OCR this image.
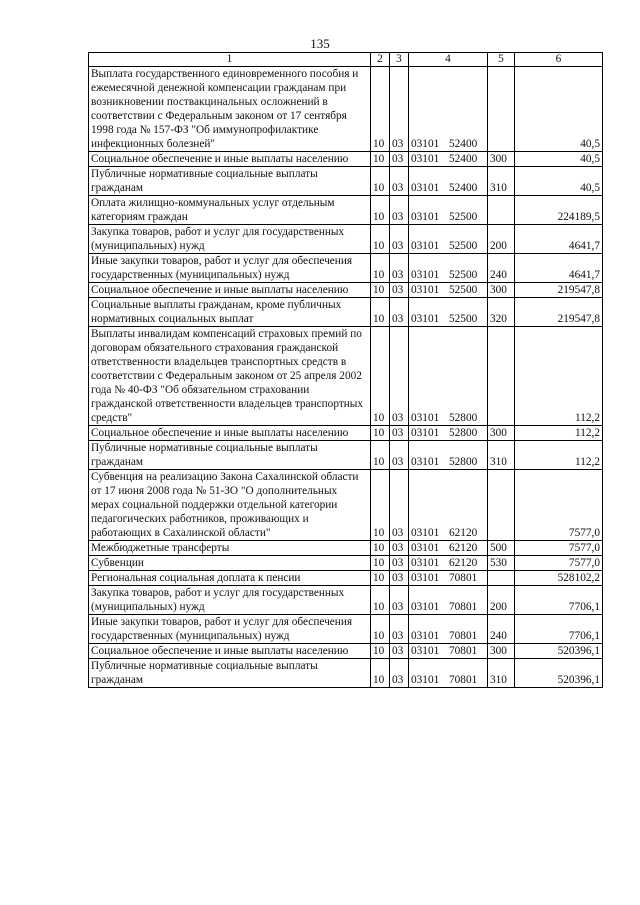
135
1	2	3	4	5	6
Выплата государственного единовременного пособия и ежемесячной денежной компенсации гражданам при возникновении поствакцинальных осложнений в соответствии с Федеральным законом от 17 сентября 1998 года № 157-ФЗ "Об иммунопрофилактике инфекционных болезней"	10	03	03101 52400		40,5
Социальное обеспечение и иные выплаты населению	10	03	03101 52400	300	40,5
Публичные нормативные социальные выплаты гражданам	10	03	03101 52400	310	40,5
Оплата жилищно-коммунальных услуг отдельным категориям граждан	10	03	03101 52500		224189,5
Закупка товаров, работ и услуг для государственных (муниципальных) нужд	10	03	03101 52500	200	4641,7
Иные закупки товаров, работ и услуг для обеспечения государственных (муниципальных) нужд	10	03	03101 52500	240	4641,7
Социальное обеспечение и иные выплаты населению	10	03	03101 52500	300	219547,8
Социальные выплаты гражданам, кроме публичных нормативных социальных выплат	10	03	03101 52500	320	219547,8
Выплаты инвалидам компенсаций страховых премий по договорам обязательного страхования гражданской ответственности владельцев транспортных средств в соответствии с Федеральным законом от 25 апреля 2002 года № 40-ФЗ "Об обязательном страховании гражданской ответственности владельцев транспортных средств"	10	03	03101 52800		112,2
Социальное обеспечение и иные выплаты населению	10	03	03101 52800	300	112,2
Публичные нормативные социальные выплаты гражданам	10	03	03101 52800	310	112,2
Субвенция на реализацию Закона Сахалинской области от 17 июня 2008 года № 51-ЗО "О дополнительных мерах социальной поддержки отдельной категории педагогических работников, проживающих и работающих в Сахалинской области"	10	03	03101 62120		7577,0
Межбюджетные трансферты	10	03	03101 62120	500	7577,0
Субвенции	10	03	03101 62120	530	7577,0
Региональная социальная доплата к пенсии	10	03	03101 70801		528102,2
Закупка товаров, работ и услуг для государственных (муниципальных) нужд	10	03	03101 70801	200	7706,1
Иные закупки товаров, работ и услуг для обеспечения государственных (муниципальных) нужд	10	03	03101 70801	240	7706,1
Социальное обеспечение и иные выплаты населению	10	03	03101 70801	300	520396,1
Публичные нормативные социальные выплаты гражданам	10	03	03101 70801	310	520396,1
